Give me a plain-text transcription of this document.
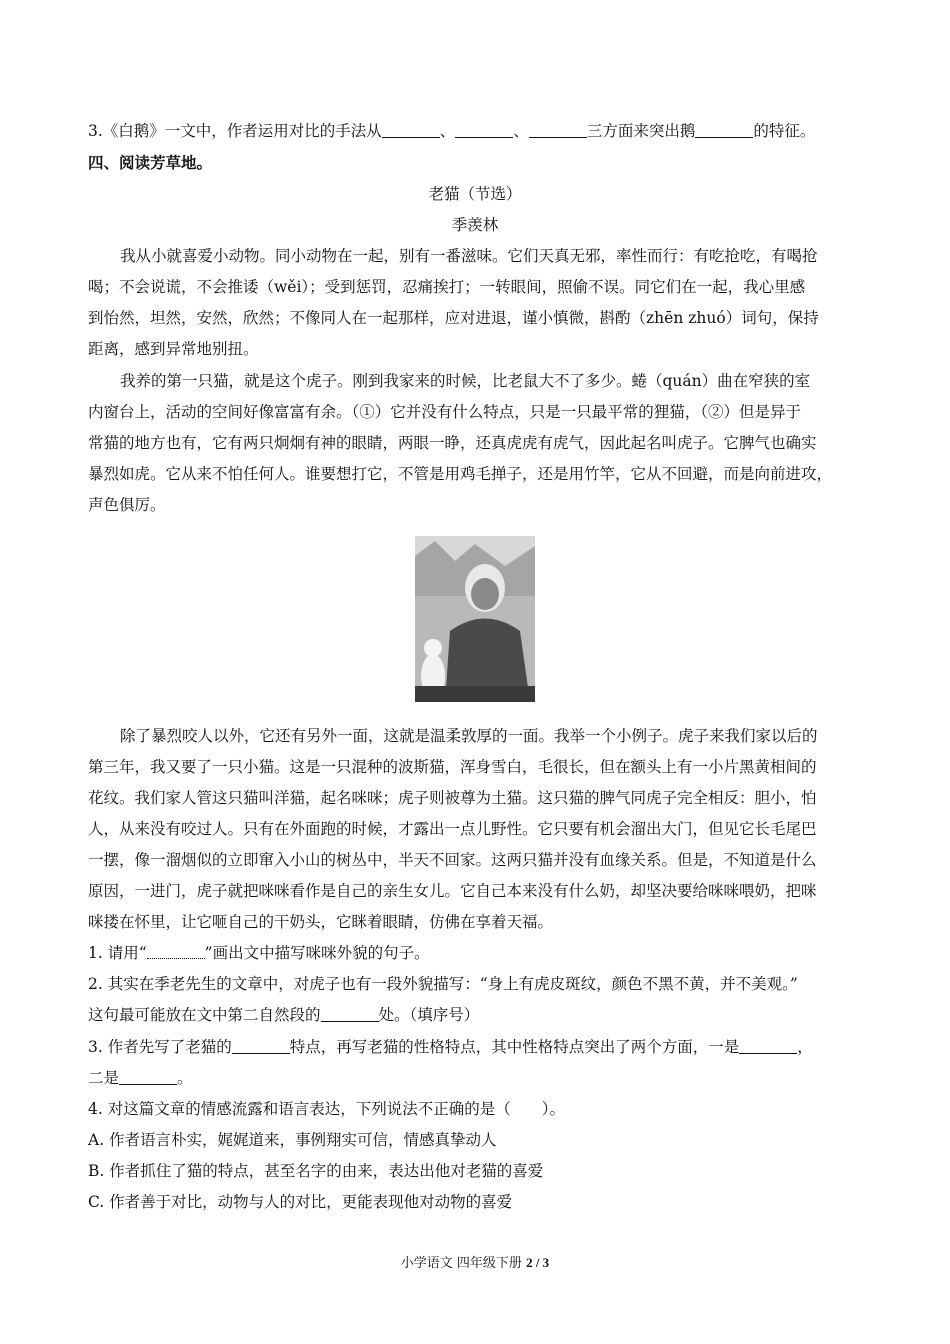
3.《白鹅》一文中，作者运用对比的手法从	、	、	三方面来突出鹅	的特征。
四、阅读芳草地。
老猫（节选）
季羡林
我从小就喜爱小动物。同小动物在一起，别有一番滋味。它们天真无邪，率性而行：有吃抢吃，有喝抢
喝；不会说谎，不会推诿（wěi）；受到惩罚，忍痛挨打；一转眼间，照偷不误。同它们在一起，我心里感
到怡然，坦然，安然，欣然；不像同人在一起那样，应对进退，谨小慎微，斟酌（zhēn zhuó）词句，保持
距离，感到异常地别扭。
我养的第一只猫，就是这个虎子。刚到我家来的时候，比老鼠大不了多少。蜷（quán）曲在窄狭的室
内窗台上，活动的空间好像富富有余。（①）它并没有什么特点，只是一只最平常的狸猫，（②）但是异于
常猫的地方也有，它有两只炯炯有神的眼睛，两眼一睁，还真虎虎有虎气，因此起名叫虎子。它脾气也确实
暴烈如虎。它从来不怕任何人。谁要想打它，不管是用鸡毛掸子，还是用竹竿，它从不回避，而是向前进攻，
声色俱厉。
除了暴烈咬人以外，它还有另外一面，这就是温柔敦厚的一面。我举一个小例子。虎子来我们家以后的
第三年，我又要了一只小猫。这是一只混种的波斯猫，浑身雪白，毛很长，但在额头上有一小片黑黄相间的
花纹。我们家人管这只猫叫洋猫，起名咪咪；虎子则被尊为土猫。这只猫的脾气同虎子完全相反：胆小，怕
人，从来没有咬过人。只有在外面跑的时候，才露出一点儿野性。它只要有机会溜出大门，但见它长毛尾巴
一摆，像一溜烟似的立即窜入小山的树丛中，半天不回家。这两只猫并没有血缘关系。但是，不知道是什么
原因，一进门，虎子就把咪咪看作是自己的亲生女儿。它自己本来没有什么奶，却坚决要给咪咪喂奶，把咪
咪搂在怀里，让它咂自己的干奶头，它眯着眼睛，仿佛在享着天福。
1. 请用“	”画出文中描写咪咪外貌的句子。
2. 其实在季老先生的文章中，对虎子也有一段外貌描写：“身上有虎皮斑纹，颜色不黑不黄，并不美观。”
这句最可能放在文中第二自然段的	处。（填序号）
3. 作者先写了老猫的	特点，再写老猫的性格特点，其中性格特点突出了两个方面，一是	，
二是	。
4. 对这篇文章的情感流露和语言表达，下列说法不正确的是（　　）。
A. 作者语言朴实，娓娓道来，事例翔实可信，情感真挚动人
B. 作者抓住了猫的特点，甚至名字的由来，表达出他对老猫的喜爱
C. 作者善于对比，动物与人的对比，更能表现他对动物的喜爱
小学语文 四年级下册 2 / 3
